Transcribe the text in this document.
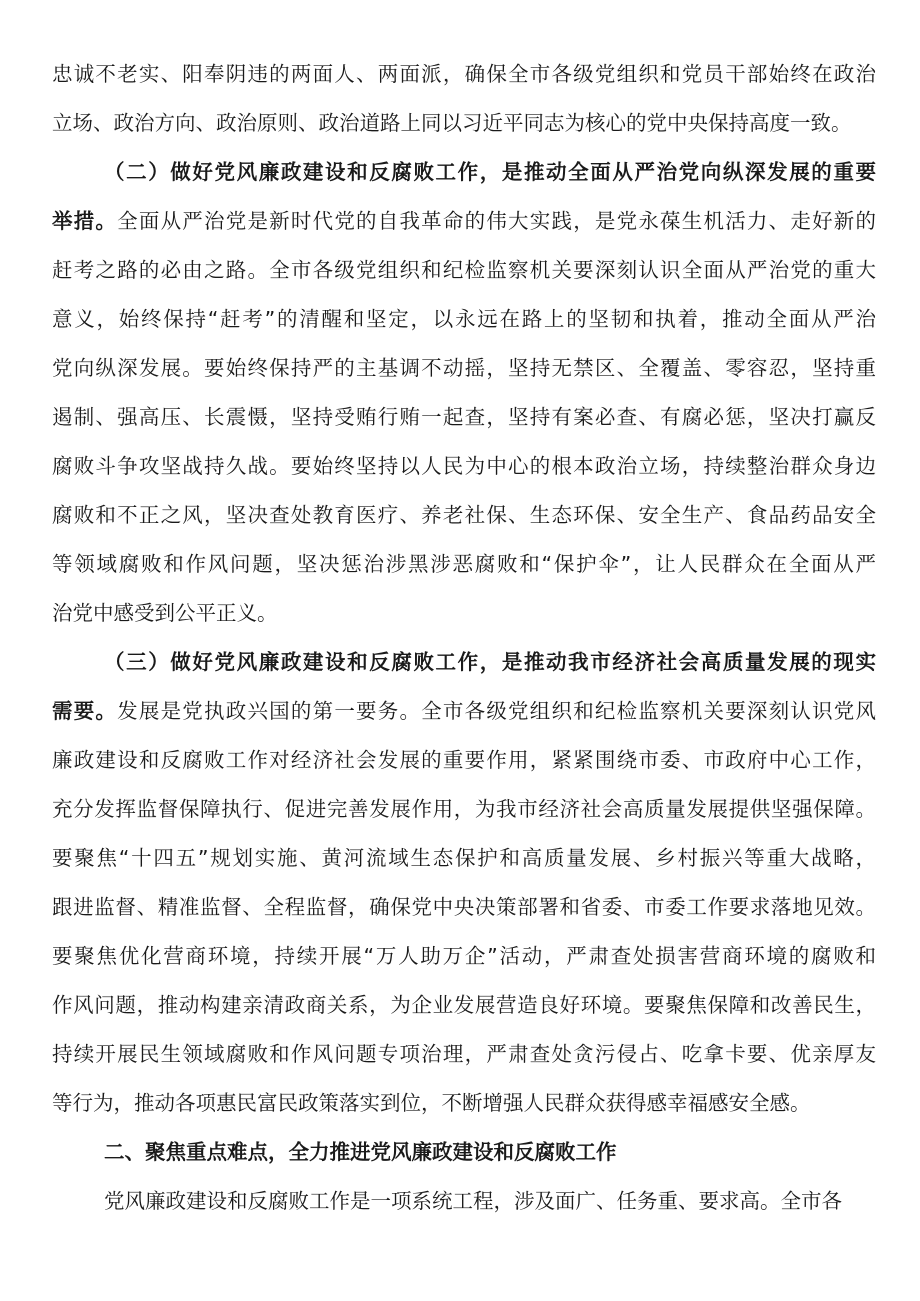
忠诚不老实、阳奉阴违的两面人、两面派，确保全市各级党组织和党员干部始终在政治
立场、政治方向、政治原则、政治道路上同以习近平同志为核心的党中央保持高度一致。
（二）做好党风廉政建设和反腐败工作，是推动全面从严治党向纵深发展的重要
举措。全面从严治党是新时代党的自我革命的伟大实践，是党永葆生机活力、走好新的
赶考之路的必由之路。全市各级党组织和纪检监察机关要深刻认识全面从严治党的重大
意义，始终保持“赶考”的清醒和坚定，以永远在路上的坚韧和执着，推动全面从严治
党向纵深发展。要始终保持严的主基调不动摇，坚持无禁区、全覆盖、零容忍，坚持重
遏制、强高压、长震慑，坚持受贿行贿一起查，坚持有案必查、有腐必惩，坚决打赢反
腐败斗争攻坚战持久战。要始终坚持以人民为中心的根本政治立场，持续整治群众身边
腐败和不正之风，坚决查处教育医疗、养老社保、生态环保、安全生产、食品药品安全
等领域腐败和作风问题，坚决惩治涉黑涉恶腐败和“保护伞”，让人民群众在全面从严
治党中感受到公平正义。
（三）做好党风廉政建设和反腐败工作，是推动我市经济社会高质量发展的现实
需要。发展是党执政兴国的第一要务。全市各级党组织和纪检监察机关要深刻认识党风
廉政建设和反腐败工作对经济社会发展的重要作用，紧紧围绕市委、市政府中心工作，
充分发挥监督保障执行、促进完善发展作用，为我市经济社会高质量发展提供坚强保障。
要聚焦“十四五”规划实施、黄河流域生态保护和高质量发展、乡村振兴等重大战略，
跟进监督、精准监督、全程监督，确保党中央决策部署和省委、市委工作要求落地见效。
要聚焦优化营商环境，持续开展“万人助万企”活动，严肃查处损害营商环境的腐败和
作风问题，推动构建亲清政商关系，为企业发展营造良好环境。要聚焦保障和改善民生，
持续开展民生领域腐败和作风问题专项治理，严肃查处贪污侵占、吃拿卡要、优亲厚友
等行为，推动各项惠民富民政策落实到位，不断增强人民群众获得感幸福感安全感。
二、聚焦重点难点，全力推进党风廉政建设和反腐败工作
党风廉政建设和反腐败工作是一项系统工程，涉及面广、任务重、要求高。全市各
